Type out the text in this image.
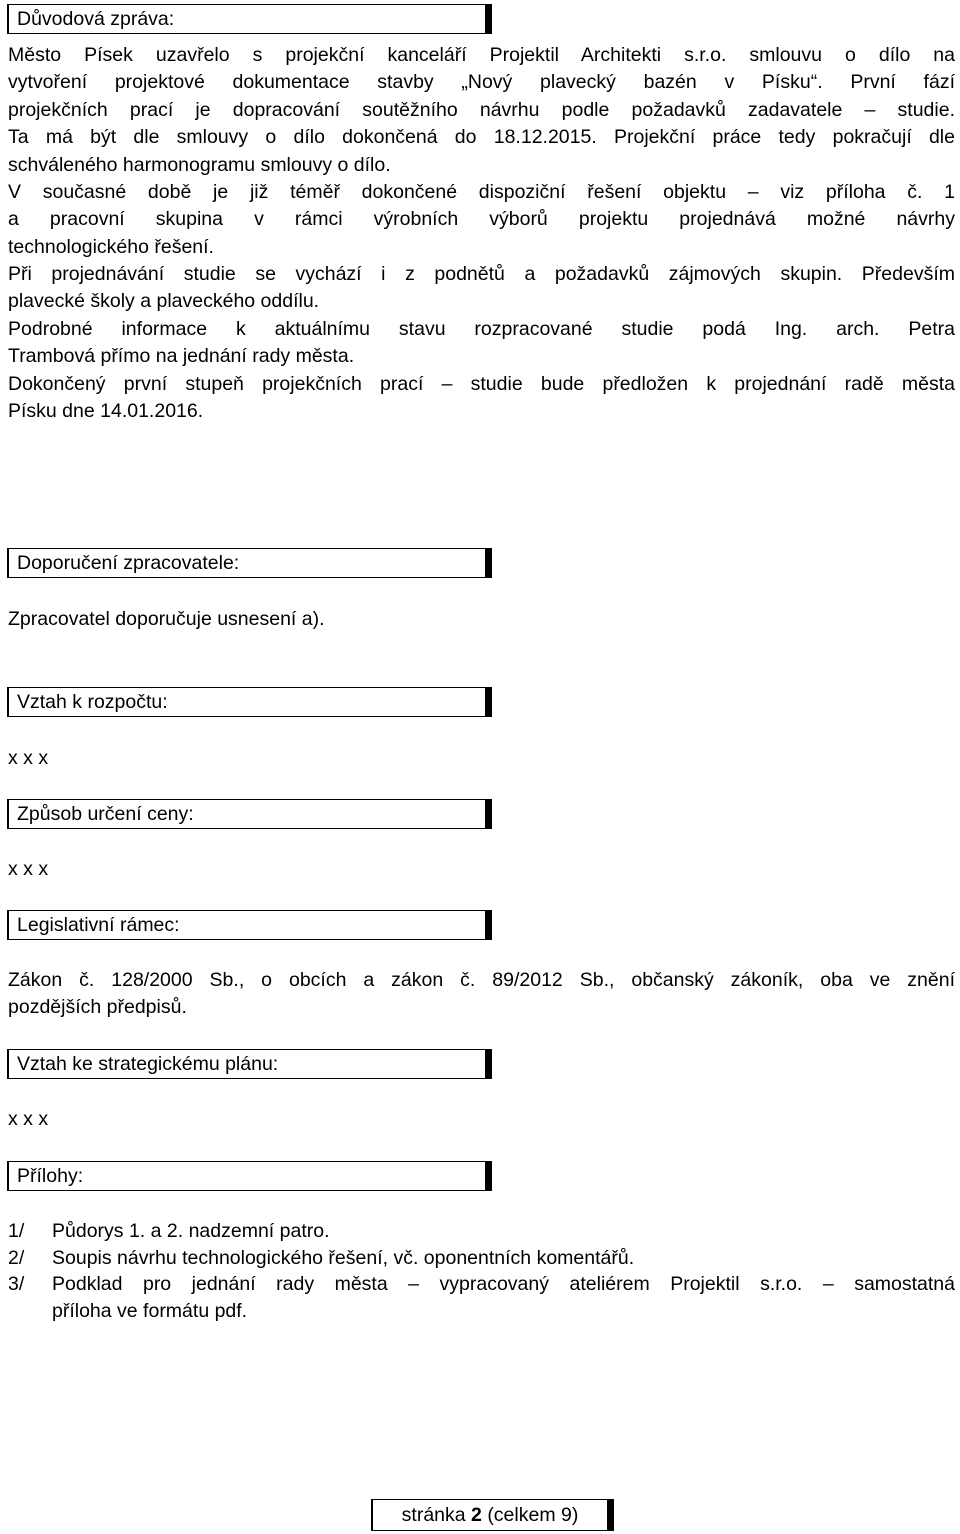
Důvodová zpráva:
Město Písek uzavřelo s projekční kanceláří Projektil Architekti s.r.o. smlouvu o dílo na
vytvoření projektové dokumentace stavby „Nový plavecký bazén v Písku“. První fází
projekčních prací je dopracování soutěžního návrhu podle požadavků zadavatele – studie.
Ta má být dle smlouvy o dílo dokončená do 18.12.2015. Projekční práce tedy pokračují dle
schváleného harmonogramu smlouvy o dílo.
V současné době je již téměř dokončené dispoziční řešení objektu – viz příloha č. 1
a pracovní skupina v rámci výrobních výborů projektu projednává možné návrhy
technologického řešení.
Při projednávání studie se vychází i z podnětů a požadavků zájmových skupin. Především
plavecké školy a plaveckého oddílu.
Podrobné informace k aktuálnímu stavu rozpracované studie podá Ing. arch. Petra
Trambová přímo na jednání rady města.
Dokončený první stupeň projekčních prací – studie bude předložen k projednání radě města
Písku dne 14.01.2016.
Doporučení zpracovatele:
Zpracovatel doporučuje usnesení a).
Vztah k rozpočtu:
x x x
Způsob určení ceny:
x x x
Legislativní rámec:
Zákon č. 128/2000 Sb., o obcích a zákon č. 89/2012 Sb., občanský zákoník, oba ve znění
pozdějších předpisů.
Vztah ke strategickému plánu:
x x x
Přílohy:
1/ Půdorys 1. a 2. nadzemní patro.
2/ Soupis návrhu technologického řešení, vč. oponentních komentářů.
3/ Podklad pro jednání rady města – vypracovaný ateliérem Projektil s.r.o. – samostatná
příloha ve formátu pdf.
stránka 2 (celkem 9)
